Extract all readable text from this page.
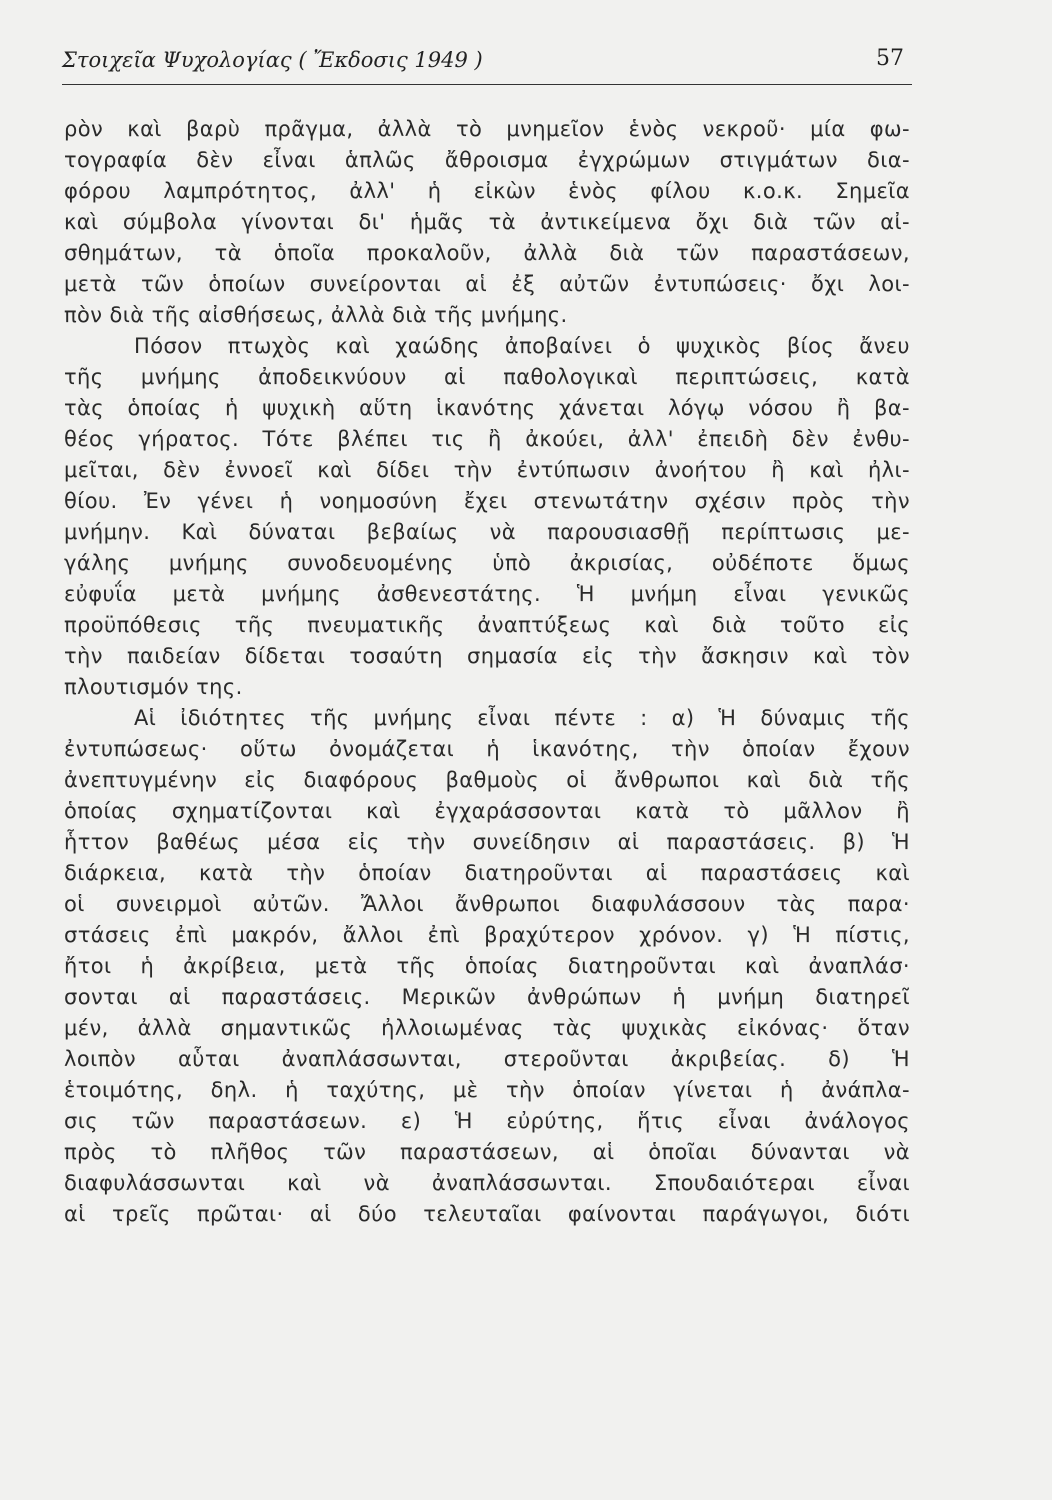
Στοιχεῖα Ψυχολογίας ( Ἔκδοσις 1949 )	57
ρὸν καὶ βαρὺ πρᾶγμα, ἀλλὰ τὸ μνημεῖον ἑνὸς νεκροῦ· μία φω-
τογραφία δὲν εἶναι ἁπλῶς ἄθροισμα ἐγχρώμων στιγμάτων δια-
φόρου λαμπρότητος, ἀλλ' ἡ εἰκὼν ἑνὸς φίλου κ.ο.κ. Σημεῖα
καὶ σύμβολα γίνονται δι' ἡμᾶς τὰ ἀντικείμενα ὄχι διὰ τῶν αἰ-
σθημάτων, τὰ ὁποῖα προκαλοῦν, ἀλλὰ διὰ τῶν παραστάσεων,
μετὰ τῶν ὁποίων συνείρονται αἱ ἐξ αὐτῶν ἐντυπώσεις· ὄχι λοι-
πὸν διὰ τῆς αἰσθήσεως, ἀλλὰ διὰ τῆς μνήμης.
Πόσον πτωχὸς καὶ χαώδης ἀποβαίνει ὁ ψυχικὸς βίος ἄνευ
τῆς μνήμης ἀποδεικνύουν αἱ παθολογικαὶ περιπτώσεις, κατὰ
τὰς ὁποίας ἡ ψυχικὴ αὕτη ἱκανότης χάνεται λόγῳ νόσου ἢ βα-
θέος γήρατος. Τότε βλέπει τις ἢ ἀκούει, ἀλλ' ἐπειδὴ δὲν ἐνθυ-
μεῖται, δὲν ἐννοεῖ καὶ δίδει τὴν ἐντύπωσιν ἀνοήτου ἢ καὶ ἠλι-
θίου. Ἐν γένει ἡ νοημοσύνη ἔχει στενωτάτην σχέσιν πρὸς τὴν
μνήμην. Καὶ δύναται βεβαίως νὰ παρουσιασθῇ περίπτωσις με-
γάλης μνήμης συνοδευομένης ὑπὸ ἀκρισίας, οὐδέποτε ὅμως
εὐφυΐα μετὰ μνήμης ἀσθενεστάτης. Ἡ μνήμη εἶναι γενικῶς
προϋπόθεσις τῆς πνευματικῆς ἀναπτύξεως καὶ διὰ τοῦτο εἰς
τὴν παιδείαν δίδεται τοσαύτη σημασία εἰς τὴν ἄσκησιν καὶ τὸν
πλουτισμόν της.
Αἱ ἰδιότητες τῆς μνήμης εἶναι πέντε : α) Ἡ δύναμις τῆς
ἐντυπώσεως· οὕτω ὀνομάζεται ἡ ἱκανότης, τὴν ὁποίαν ἔχουν
ἀνεπτυγμένην εἰς διαφόρους βαθμοὺς οἱ ἄνθρωποι καὶ διὰ τῆς
ὁποίας σχηματίζονται καὶ ἐγχαράσσονται κατὰ τὸ μᾶλλον ἢ
ἧττον βαθέως μέσα εἰς τὴν συνείδησιν αἱ παραστάσεις. β) Ἡ
διάρκεια, κατὰ τὴν ὁποίαν διατηροῦνται αἱ παραστάσεις καὶ
οἱ συνειρμοὶ αὐτῶν. Ἄλλοι ἄνθρωποι διαφυλάσσουν τὰς παρα·
στάσεις ἐπὶ μακρόν, ἄλλοι ἐπὶ βραχύτερον χρόνον. γ) Ἡ πίστις,
ἤτοι ἡ ἀκρίβεια, μετὰ τῆς ὁποίας διατηροῦνται καὶ ἀναπλάσ·
σονται αἱ παραστάσεις. Μερικῶν ἀνθρώπων ἡ μνήμη διατηρεῖ
μέν, ἀλλὰ σημαντικῶς ἠλλοιωμένας τὰς ψυχικὰς εἰκόνας· ὅταν
λοιπὸν αὗται ἀναπλάσσωνται, στεροῦνται ἀκριβείας. δ) Ἡ
ἑτοιμότης, δηλ. ἡ ταχύτης, μὲ τὴν ὁποίαν γίνεται ἡ ἀνάπλα-
σις τῶν παραστάσεων. ε) Ἡ εὐρύτης, ἥτις εἶναι ἀνάλογος
πρὸς τὸ πλῆθος τῶν παραστάσεων, αἱ ὁποῖαι δύνανται νὰ
διαφυλάσσωνται καὶ νὰ ἀναπλάσσωνται. Σπουδαιότεραι εἶναι
αἱ τρεῖς πρῶται· αἱ δύο τελευταῖαι φαίνονται παράγωγοι, διότι
